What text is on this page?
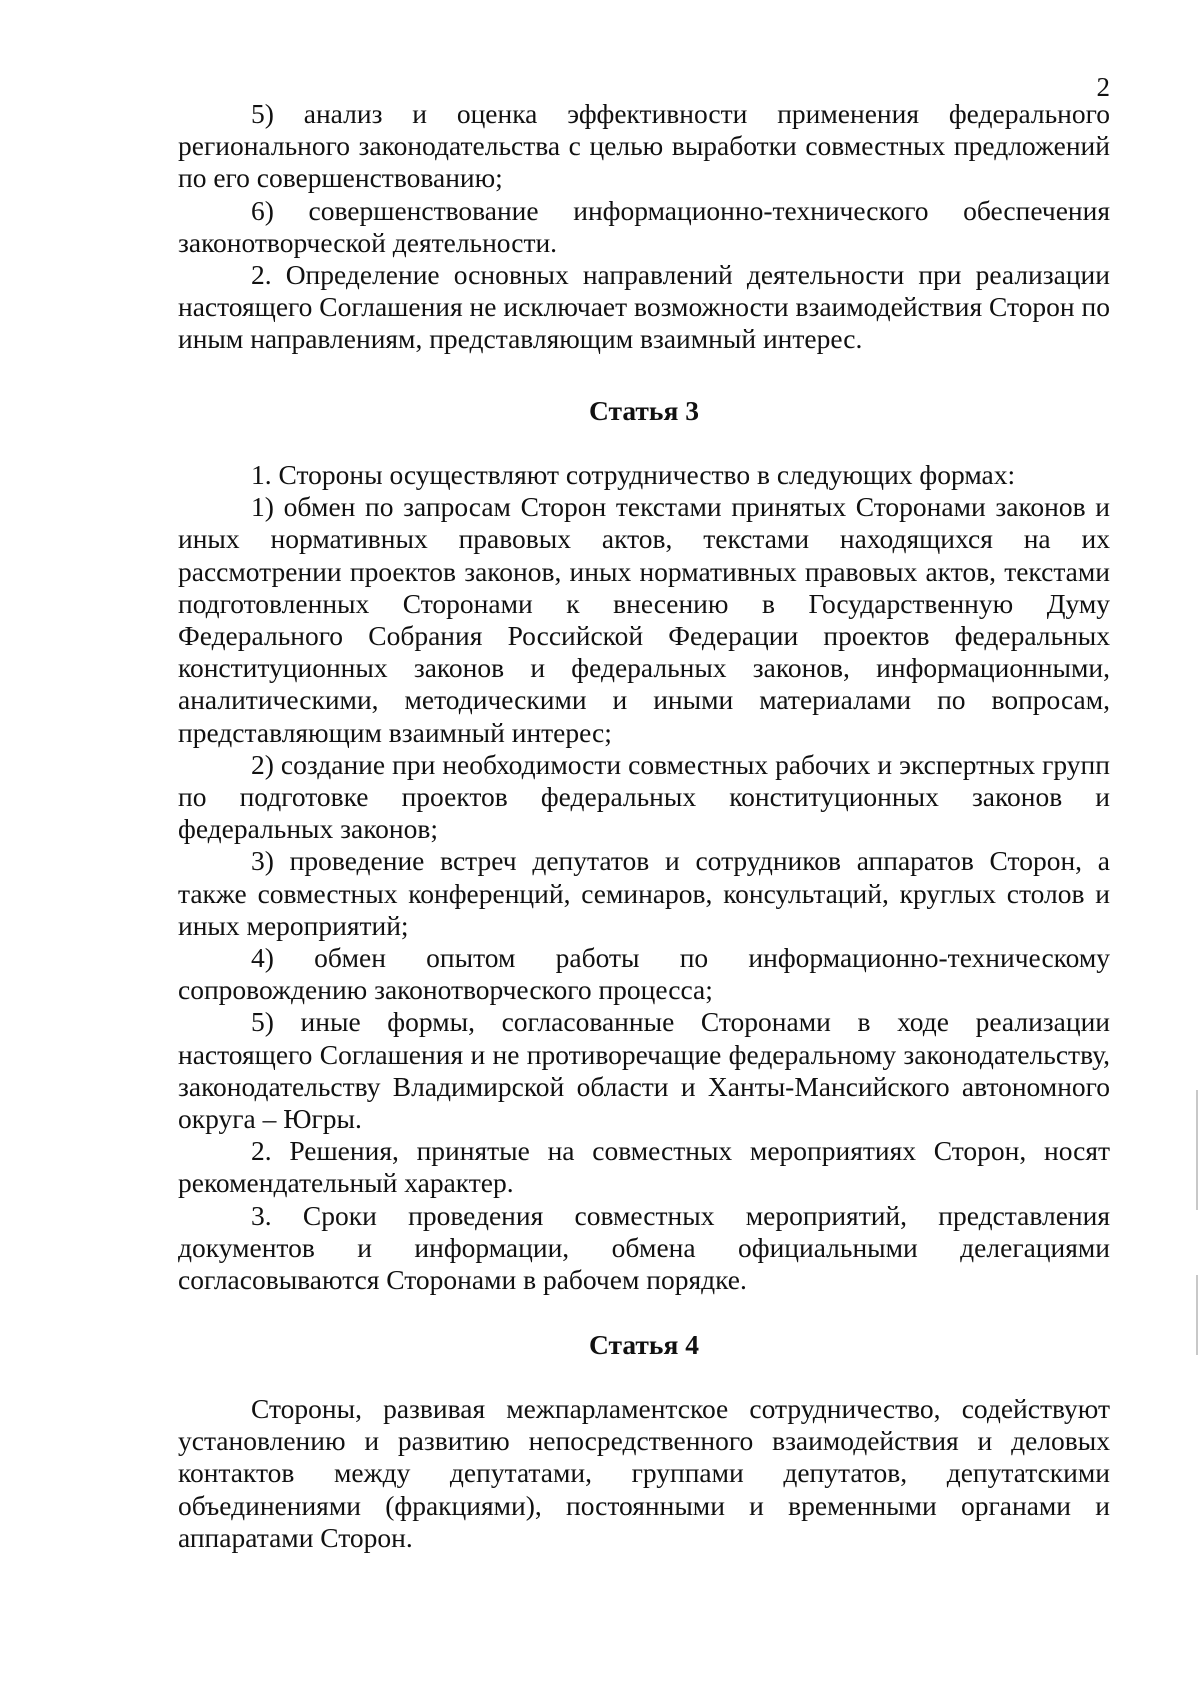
2

5) анализ и оценка эффективности применения федерального регионального законодательства с целью выработки совместных предложений по его совершенствованию;

6) совершенствование информационно-технического обеспечения законотворческой деятельности.

2. Определение основных направлений деятельности при реализации настоящего Соглашения не исключает возможности взаимодействия Сторон по иным направлениям, представляющим взаимный интерес.

Статья 3

1. Стороны осуществляют сотрудничество в следующих формах:

1) обмен по запросам Сторон текстами принятых Сторонами законов и иных нормативных правовых актов, текстами находящихся на их рассмотрении проектов законов, иных нормативных правовых актов, текстами подготовленных Сторонами к внесению в Государственную Думу Федерального Собрания Российской Федерации проектов федеральных конституционных законов и федеральных законов, информационными, аналитическими, методическими и иными материалами по вопросам, представляющим взаимный интерес;

2) создание при необходимости совместных рабочих и экспертных групп по подготовке проектов федеральных конституционных законов и федеральных законов;

3) проведение встреч депутатов и сотрудников аппаратов Сторон, а также совместных конференций, семинаров, консультаций, круглых столов и иных мероприятий;

4) обмен опытом работы по информационно-техническому сопровождению законотворческого процесса;

5) иные формы, согласованные Сторонами в ходе реализации настоящего Соглашения и не противоречащие федеральному законодательству, законодательству Владимирской области и Ханты-Мансийского автономного округа – Югры.

2. Решения, принятые на совместных мероприятиях Сторон, носят рекомендательный характер.

3. Сроки проведения совместных мероприятий, представления документов и информации, обмена официальными делегациями согласовываются Сторонами в рабочем порядке.

Статья 4

Стороны, развивая межпарламентское сотрудничество, содействуют установлению и развитию непосредственного взаимодействия и деловых контактов между депутатами, группами депутатов, депутатскими объединениями (фракциями), постоянными и временными органами и аппаратами Сторон.
